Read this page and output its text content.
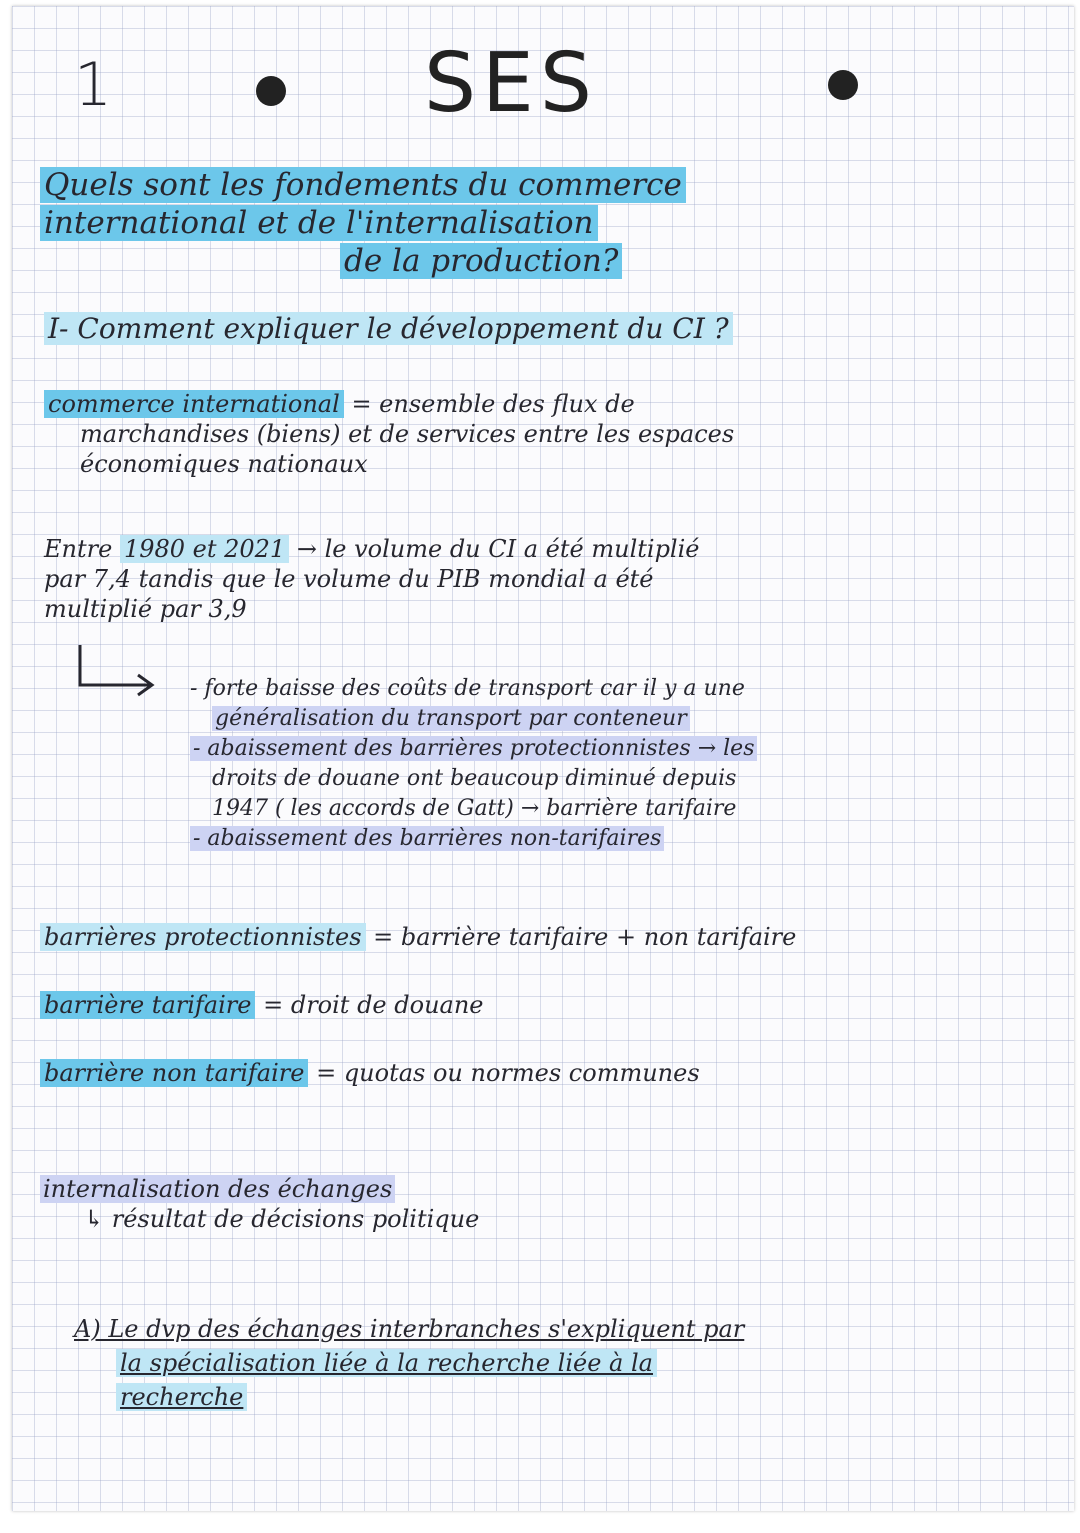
1	SES
Quels sont les fondements du commerce
international et de l'internalisation
de la production?
I- Comment expliquer le développement du CI ?
commerce international = ensemble des flux de
marchandises (biens) et de services entre les espaces
économiques nationaux
Entre 1980 et 2021 → le volume du CI a été multiplié
par 7,4 tandis que le volume du PIB mondial a été
multiplié par 3,9
- forte baisse des coûts de transport car il y a une
généralisation du transport par conteneur
- abaissement des barrières protectionnistes → les
droits de douane ont beaucoup diminué depuis
1947 ( les accords de Gatt) → barrière tarifaire
- abaissement des barrières non-tarifaires
barrières protectionnistes = barrière tarifaire + non tarifaire
barrière tarifaire = droit de douane
barrière non tarifaire = quotas ou normes communes
internalisation des échanges
↳ résultat de décisions politique
A) Le dvp des échanges interbranches s'expliquent par
la spécialisation liée à la recherche liée à la
recherche
